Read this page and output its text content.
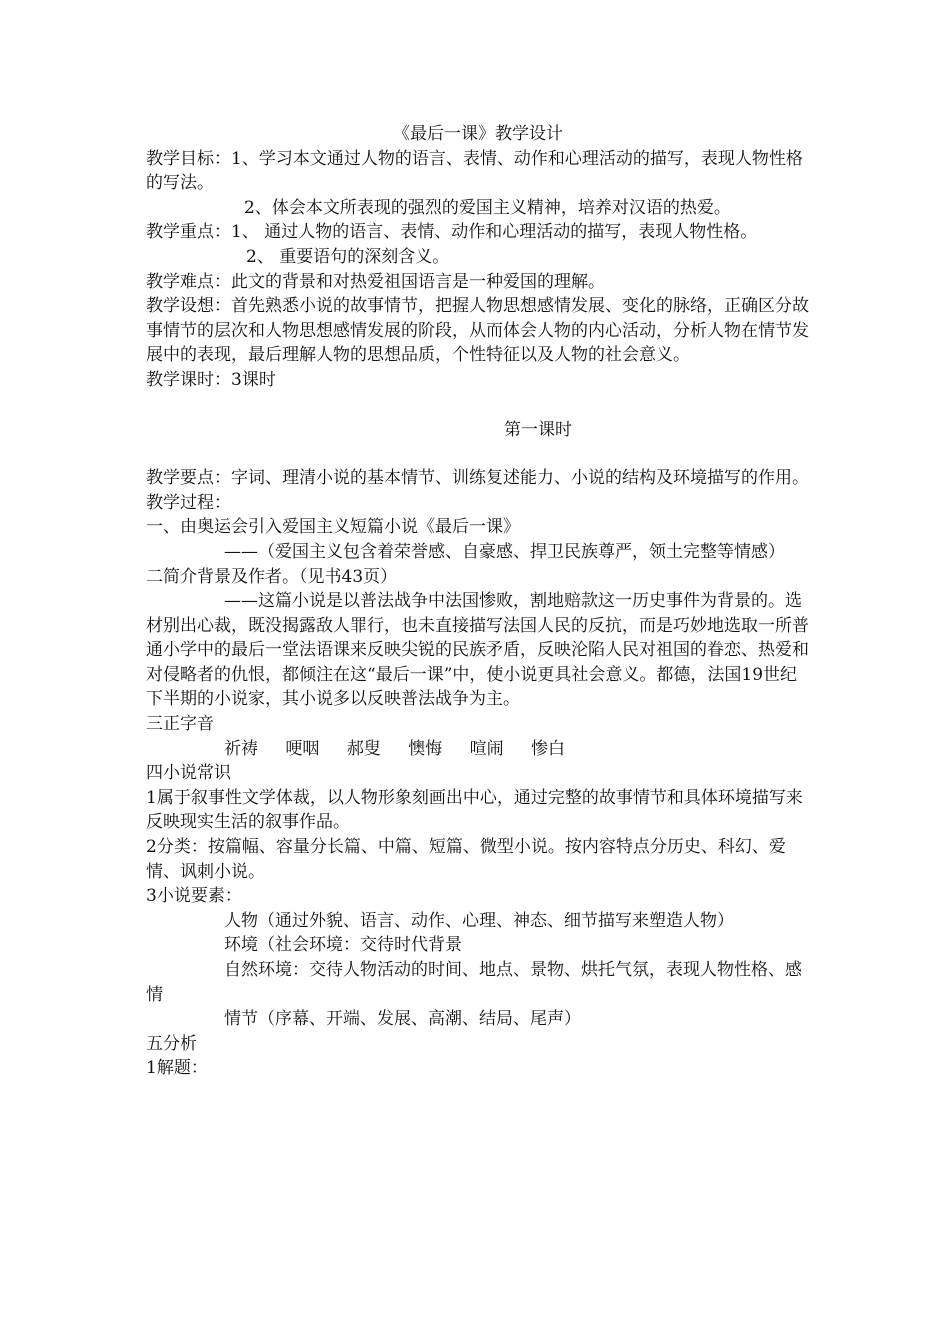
《最后一课》教学设计

教学目标：1、学习本文通过人物的语言、表情、动作和心理活动的描写，表现人物性格的写法。

2、体会本文所表现的强烈的爱国主义精神，培养对汉语的热爱。

教学重点：1、 通过人物的语言、表情、动作和心理活动的描写，表现人物性格。

2、 重要语句的深刻含义。

教学难点：此文的背景和对热爱祖国语言是一种爱国的理解。

教学设想：首先熟悉小说的故事情节，把握人物思想感情发展、变化的脉络，正确区分故事情节的层次和人物思想感情发展的阶段，从而体会人物的内心活动，分析人物在情节发展中的表现，最后理解人物的思想品质，个性特征以及人物的社会意义。

教学课时：3课时

第一课时

教学要点：字词、理清小说的基本情节、训练复述能力、小说的结构及环境描写的作用。

教学过程：

一、由奥运会引入爱国主义短篇小说《最后一课》

——（爱国主义包含着荣誉感、自豪感、捍卫民族尊严，领土完整等情感）

二简介背景及作者。（见书43页）

——这篇小说是以普法战争中法国惨败，割地赔款这一历史事件为背景的。选材别出心裁，既没揭露敌人罪行，也未直接描写法国人民的反抗，而是巧妙地选取一所普通小学中的最后一堂法语课来反映尖锐的民族矛盾，反映沦陷人民对祖国的眷恋、热爱和对侵略者的仇恨，都倾注在这“最后一课”中，使小说更具社会意义。都德，法国19世纪下半期的小说家，其小说多以反映普法战争为主。

三正字音

祈祷 哽咽 郝叟 懊悔 喧闹 惨白

四小说常识

1属于叙事性文学体裁，以人物形象刻画出中心，通过完整的故事情节和具体环境描写来反映现实生活的叙事作品。

2分类：按篇幅、容量分长篇、中篇、短篇、微型小说。按内容特点分历史、科幻、爱情、讽刺小说。

3小说要素：

人物（通过外貌、语言、动作、心理、神态、细节描写来塑造人物）

环境（社会环境：交待时代背景

自然环境：交待人物活动的时间、地点、景物、烘托气氛，表现人物性格、感情

情节（序幕、开端、发展、高潮、结局、尾声）

五分析

1解题：
